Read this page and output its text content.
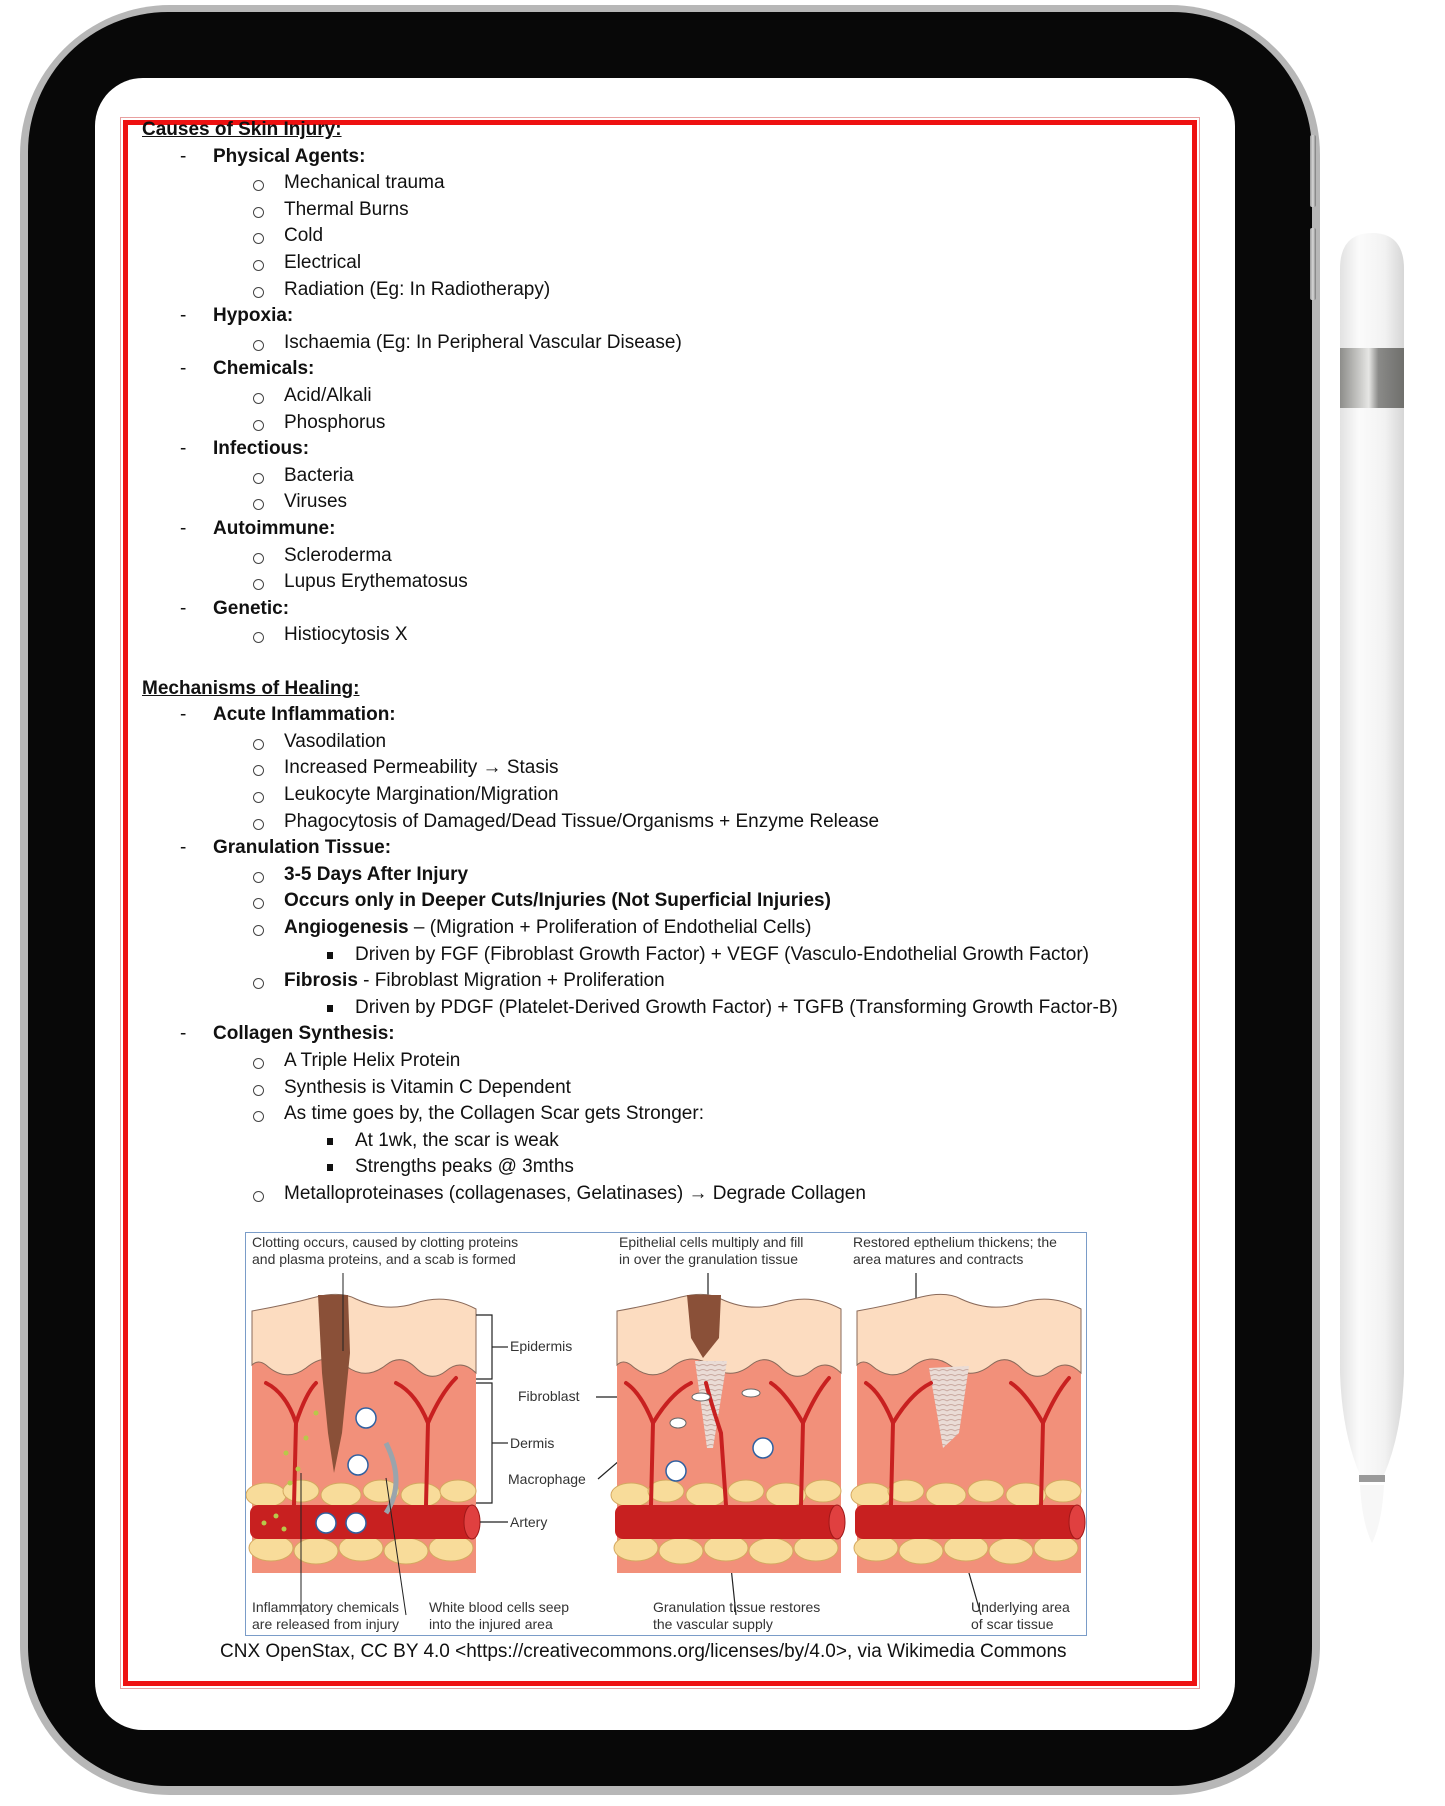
Causes of Skin Injury:
- Physical Agents:
Mechanical trauma
Thermal Burns
Cold
Electrical
Radiation (Eg: In Radiotherapy)
- Hypoxia:
Ischaemia (Eg: In Peripheral Vascular Disease)
- Chemicals:
Acid/Alkali
Phosphorus
- Infectious:
Bacteria
Viruses
- Autoimmune:
Scleroderma
Lupus Erythematosus
- Genetic:
Histiocytosis X
Mechanisms of Healing:
- Acute Inflammation:
Vasodilation
Increased Permeability → Stasis
Leukocyte Margination/Migration
Phagocytosis of Damaged/Dead Tissue/Organisms + Enzyme Release
- Granulation Tissue:
3-5 Days After Injury
Occurs only in Deeper Cuts/Injuries (Not Superficial Injuries)
Angiogenesis – (Migration + Proliferation of Endothelial Cells)
Driven by FGF (Fibroblast Growth Factor) + VEGF (Vasculo-Endothelial Growth Factor)
Fibrosis - Fibroblast Migration + Proliferation
Driven by PDGF (Platelet-Derived Growth Factor) + TGFB (Transforming Growth Factor-B)
- Collagen Synthesis:
A Triple Helix Protein
Synthesis is Vitamin C Dependent
As time goes by, the Collagen Scar gets Stronger:
At 1wk, the scar is weak
Strengths peaks @ 3mths
Metalloproteinases (collagenases, Gelatinases) → Degrade Collagen
Clotting occurs, caused by clotting proteins
and plasma proteins, and a scab is formed
Epithelial cells multiply and fill
in over the granulation tissue
Restored epthelium thickens; the
area matures and contracts
Epidermis
Fibroblast
Dermis
Macrophage
Artery
Inflammatory chemicals
are released from injury
White blood cells seep
into the injured area
Granulation tissue restores
the vascular supply
Underlying area
of scar tissue
CNX OpenStax, CC BY 4.0 <https://creativecommons.org/licenses/by/4.0>, via Wikimedia Commons
